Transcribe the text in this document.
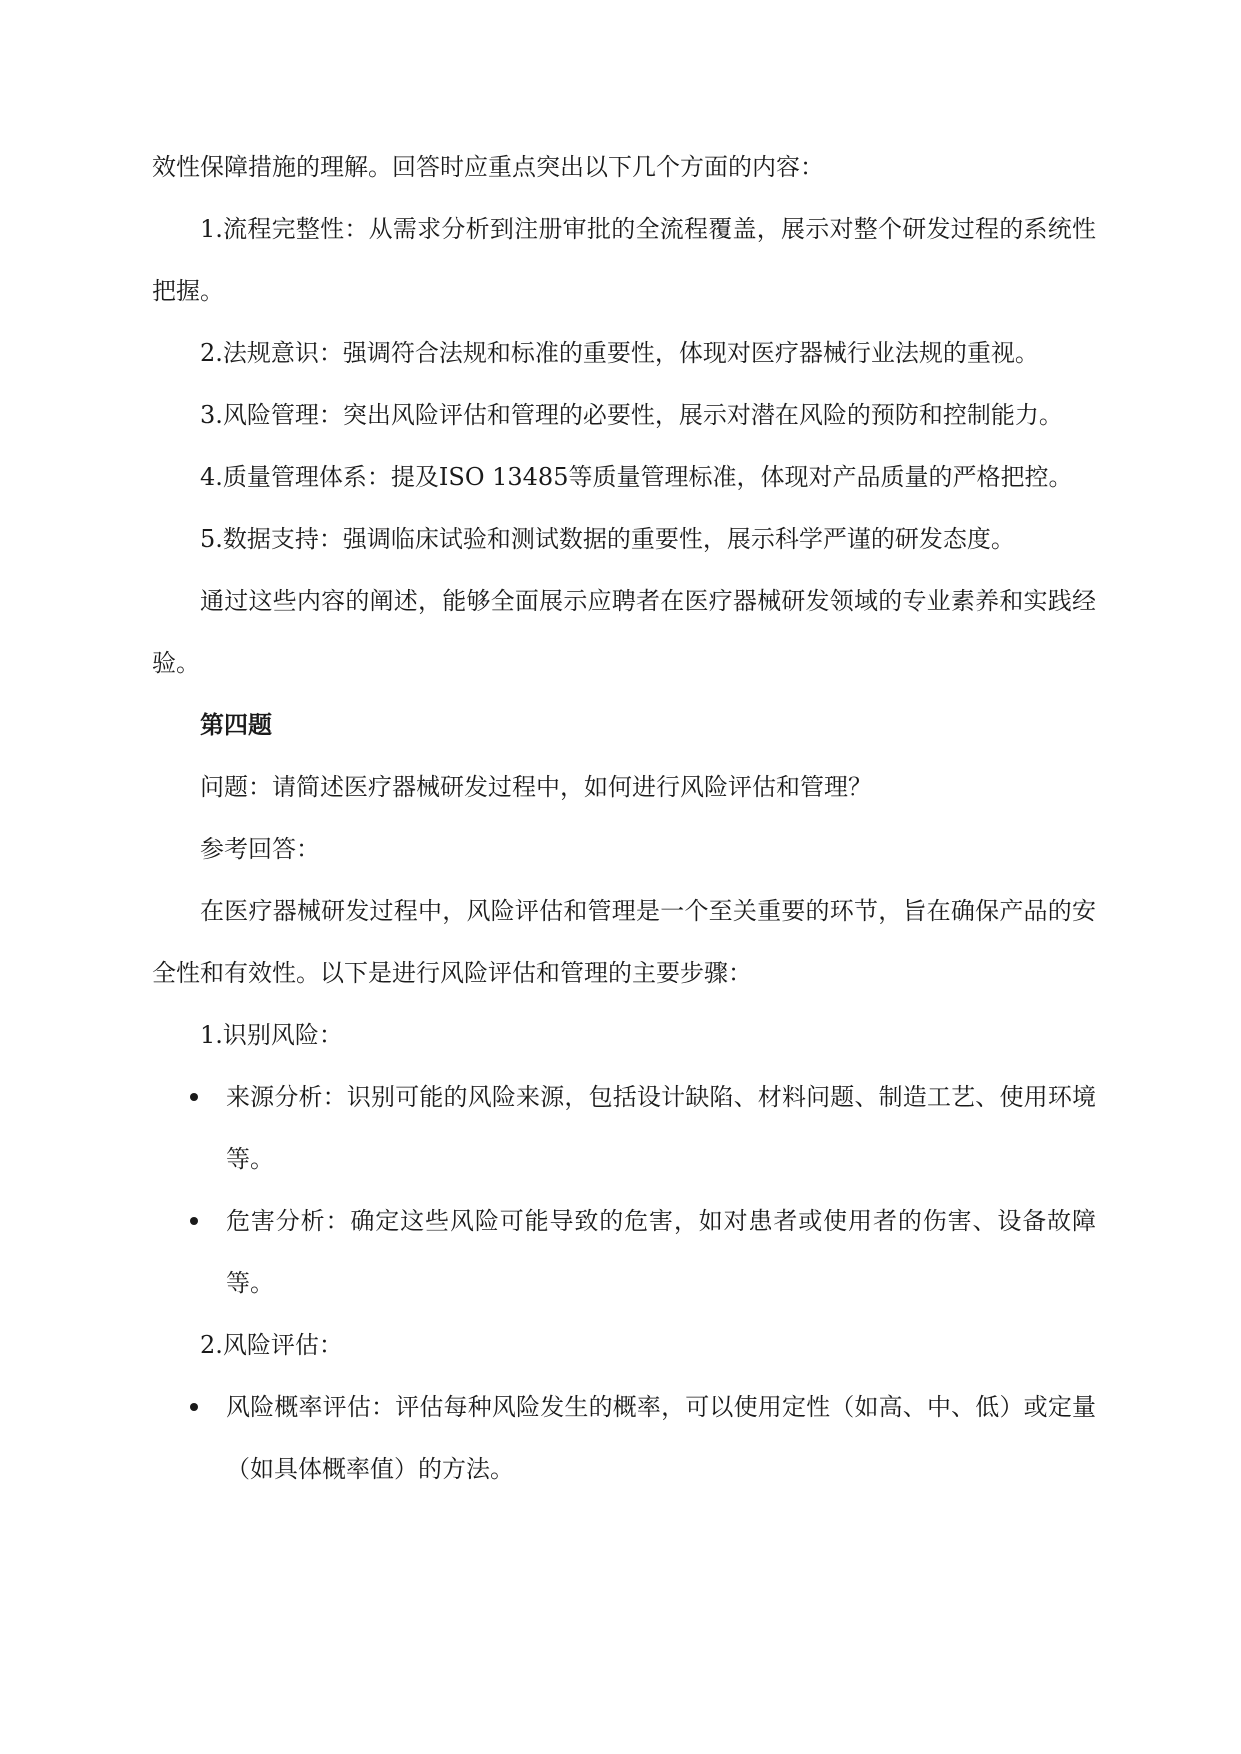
效性保障措施的理解。回答时应重点突出以下几个方面的内容：

1.流程完整性：从需求分析到注册审批的全流程覆盖，展示对整个研发过程的系统性把握。

2.法规意识：强调符合法规和标准的重要性，体现对医疗器械行业法规的重视。

3.风险管理：突出风险评估和管理的必要性，展示对潜在风险的预防和控制能力。

4.质量管理体系：提及ISO 13485等质量管理标准，体现对产品质量的严格把控。

5.数据支持：强调临床试验和测试数据的重要性，展示科学严谨的研发态度。

通过这些内容的阐述，能够全面展示应聘者在医疗器械研发领域的专业素养和实践经验。

第四题

问题：请简述医疗器械研发过程中，如何进行风险评估和管理？

参考回答：

在医疗器械研发过程中，风险评估和管理是一个至关重要的环节，旨在确保产品的安全性和有效性。以下是进行风险评估和管理的主要步骤：

1.识别风险：

来源分析：识别可能的风险来源，包括设计缺陷、材料问题、制造工艺、使用环境等。
危害分析：确定这些风险可能导致的危害，如对患者或使用者的伤害、设备故障等。

2.风险评估：

风险概率评估：评估每种风险发生的概率，可以使用定性（如高、中、低）或定量（如具体概率值）的方法。
